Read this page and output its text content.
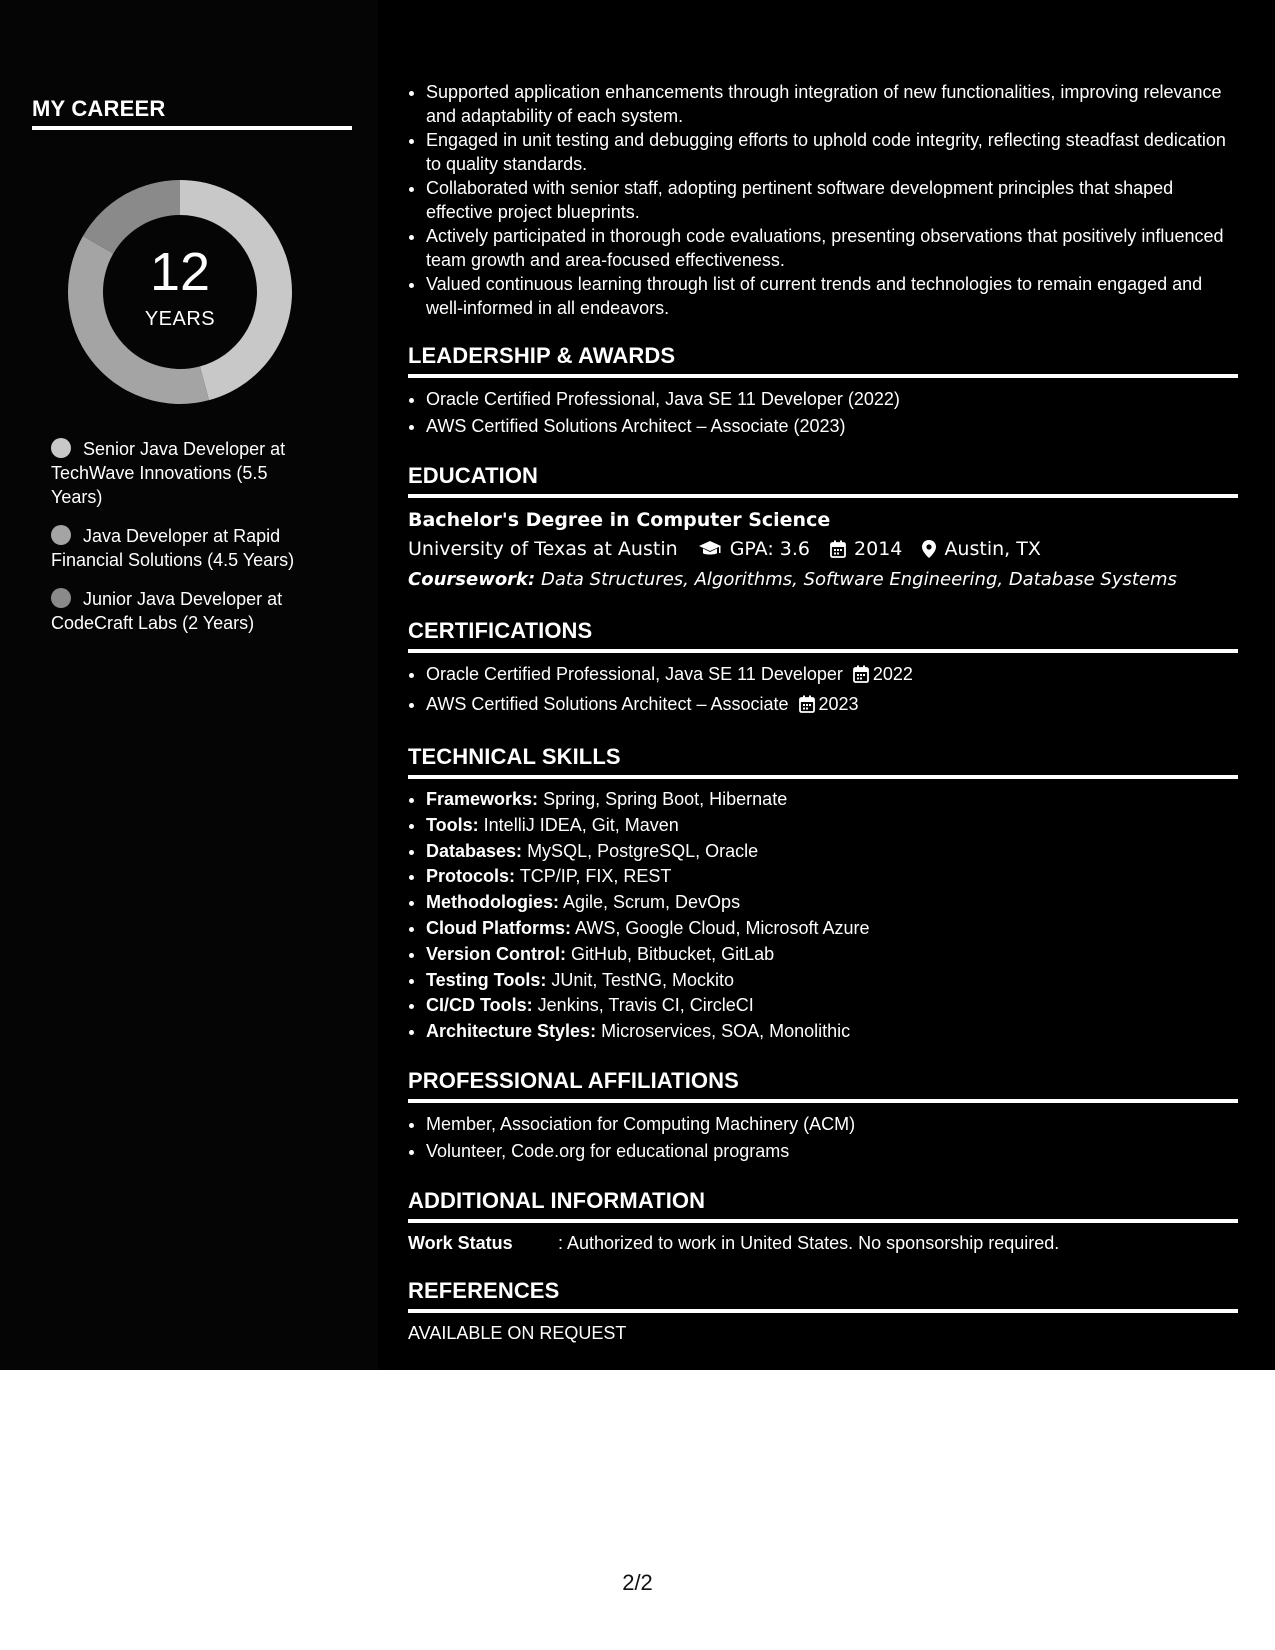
MY CAREER
12
YEARS
Senior Java Developer at TechWave Innovations (5.5 Years)
Java Developer at Rapid Financial Solutions (4.5 Years)
Junior Java Developer at CodeCraft Labs (2 Years)
• Supported application enhancements through integration of new functionalities, improving relevance and adaptability of each system.
• Engaged in unit testing and debugging efforts to uphold code integrity, reflecting steadfast dedication to quality standards.
• Collaborated with senior staff, adopting pertinent software development principles that shaped effective project blueprints.
• Actively participated in thorough code evaluations, presenting observations that positively influenced team growth and area-focused effectiveness.
• Valued continuous learning through list of current trends and technologies to remain engaged and well-informed in all endeavors.
LEADERSHIP & AWARDS
• Oracle Certified Professional, Java SE 11 Developer (2022)
• AWS Certified Solutions Architect – Associate (2023)
EDUCATION
Bachelor's Degree in Computer Science
University of Texas at Austin	GPA: 3.6 2014 Austin, TX
Coursework: Data Structures, Algorithms, Software Engineering, Database Systems
CERTIFICATIONS
• Oracle Certified Professional, Java SE 11 Developer 2022
• AWS Certified Solutions Architect – Associate 2023
TECHNICAL SKILLS
• Frameworks: Spring, Spring Boot, Hibernate
• Tools: IntelliJ IDEA, Git, Maven
• Databases: MySQL, PostgreSQL, Oracle
• Protocols: TCP/IP, FIX, REST
• Methodologies: Agile, Scrum, DevOps
• Cloud Platforms: AWS, Google Cloud, Microsoft Azure
• Version Control: GitHub, Bitbucket, GitLab
• Testing Tools: JUnit, TestNG, Mockito
• CI/CD Tools: Jenkins, Travis CI, CircleCI
• Architecture Styles: Microservices, SOA, Monolithic
PROFESSIONAL AFFILIATIONS
• Member, Association for Computing Machinery (ACM)
• Volunteer, Code.org for educational programs
ADDITIONAL INFORMATION
Work Status	: Authorized to work in United States. No sponsorship required.
REFERENCES
AVAILABLE ON REQUEST
2/2
